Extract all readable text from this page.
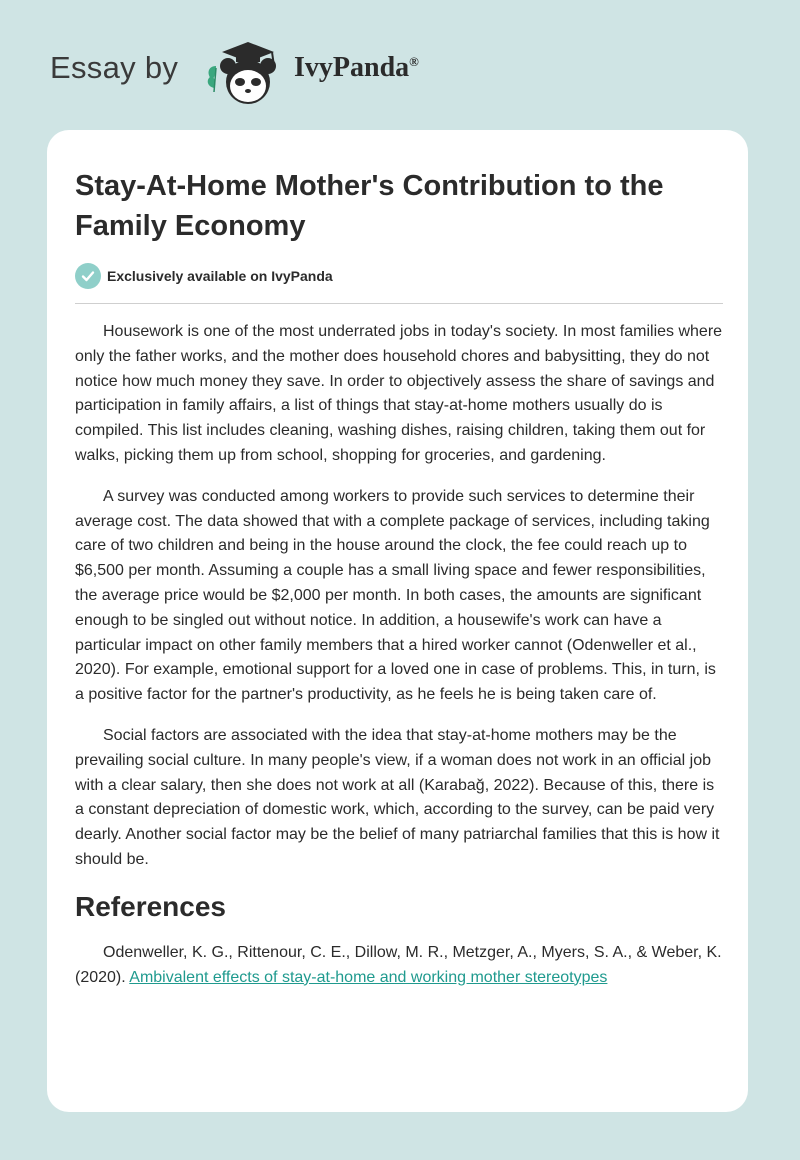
Essay by	IvyPanda®
Stay-At-Home Mother's Contribution to the Family Economy
Exclusively available on IvyPanda

Housework is one of the most underrated jobs in today's society. In most families where only the father works, and the mother does household chores and babysitting, they do not notice how much money they save. In order to objectively assess the share of savings and participation in family affairs, a list of things that stay-at-home mothers usually do is compiled. This list includes cleaning, washing dishes, raising children, taking them out for walks, picking them up from school, shopping for groceries, and gardening.

A survey was conducted among workers to provide such services to determine their average cost. The data showed that with a complete package of services, including taking care of two children and being in the house around the clock, the fee could reach up to $6,500 per month. Assuming a couple has a small living space and fewer responsibilities, the average price would be $2,000 per month. In both cases, the amounts are significant enough to be singled out without notice. In addition, a housewife's work can have a particular impact on other family members that a hired worker cannot (Odenweller et al., 2020). For example, emotional support for a loved one in case of problems. This, in turn, is a positive factor for the partner's productivity, as he feels he is being taken care of.

Social factors are associated with the idea that stay-at-home mothers may be the prevailing social culture. In many people's view, if a woman does not work in an official job with a clear salary, then she does not work at all (Karabağ, 2022). Because of this, there is a constant depreciation of domestic work, which, according to the survey, can be paid very dearly. Another social factor may be the belief of many patriarchal families that this is how it should be.

References

Odenweller, K. G., Rittenour, C. E., Dillow, M. R., Metzger, A., Myers, S. A., & Weber, K. (2020). Ambivalent effects of stay-at-home and working mother stereotypes
